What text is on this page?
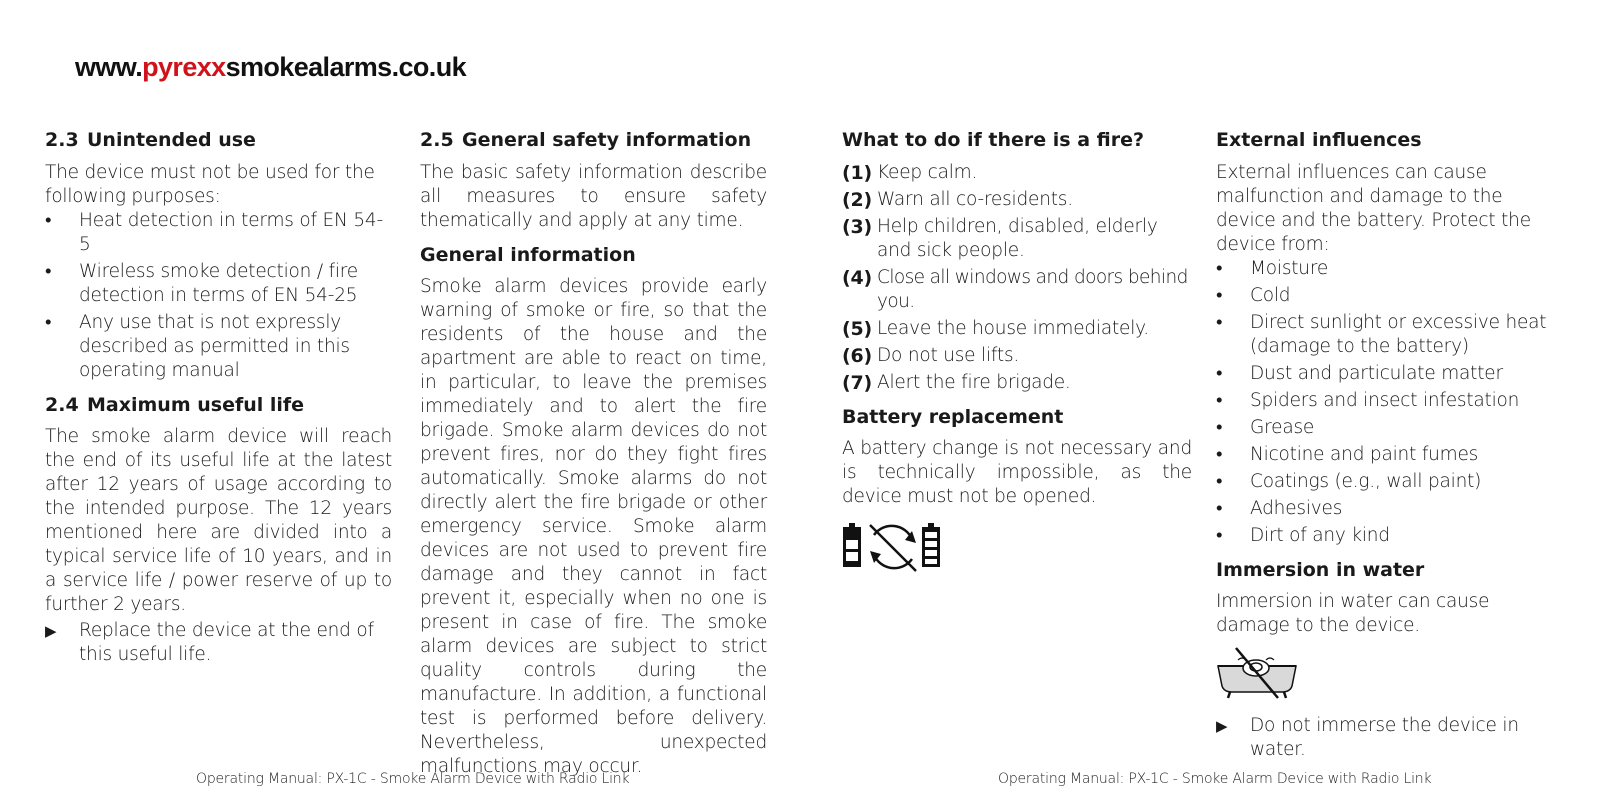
www.pyrexxsmokealarms.co.uk
2.3 Unintended use

The device must not be used for the following purposes:

• Heat detection in terms of EN 54-5
• Wireless smoke detection / fire detection in terms of EN 54-25
• Any use that is not expressly described as permitted in this operating manual
2.4 Maximum useful life

The smoke alarm device will reach the end of its useful life at the latest after 12 years of usage according to the intended purpose. The 12 years mentioned here are divided into a typical service life of 10 years, and in a service life / power reserve of up to further 2 years.

▶ Replace the device at the end of this useful life.
2.5 General safety information

The basic safety information describe all measures to ensure safety thematically and apply at any time.

General information

Smoke alarm devices provide early warning of smoke or fire, so that the residents of the house and the apartment are able to react on time, in particular, to leave the premises immediately and to alert the fire brigade. Smoke alarm devices do not prevent fires, nor do they fight fires automatically. Smoke alarms do not directly alert the fire brigade or other emergency service. Smoke alarm devices are not used to prevent fire damage and they cannot in fact prevent it, especially when no one is present in case of fire. The smoke alarm devices are subject to strict quality controls during the manufacture. In addition, a functional test is performed before delivery. Nevertheless, unexpected malfunctions may occur.

What to do if there is a fire?
(1) Keep calm.
(2) Warn all co-residents.
(3) Help children, disabled, elderly and sick people.
(4) Close all windows and doors behind you.
(5) Leave the house immediately.
(6) Do not use lifts.
(7) Alert the fire brigade.
Battery replacement

A battery change is not necessary and is technically impossible, as the device must not be opened.

External influences

External influences can cause malfunction and damage to the device and the battery. Protect the device from:

• Moisture
• Cold
• Direct sunlight or excessive heat (damage to the battery)
• Dust and particulate matter
• Spiders and insect infestation
• Grease
• Nicotine and paint fumes
• Coatings (e.g., wall paint)
• Adhesives
• Dirt of any kind
Immersion in water

Immersion in water can cause damage to the device.

▶ Do not immerse the device in water.
Operating Manual: PX-1C - Smoke Alarm Device with Radio Link	Operating Manual: PX-1C - Smoke Alarm Device with Radio Link
